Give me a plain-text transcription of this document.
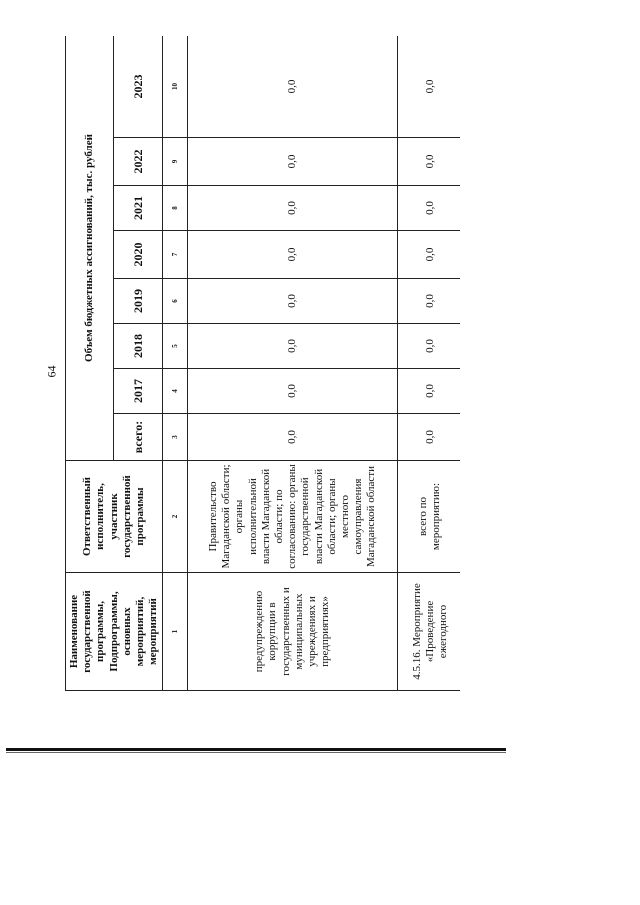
64
Наименование государственной программы, Подпрограммы, основных мероприятий, мероприятий	Ответственный исполнитель, участник государственной программы	Объем бюджетных ассигнований, тыс. рублей							
		всего:	2017	2018	2019	2020	2021	2022	2023
1	2	3	4	5	6	7	8	9	10
предупреждению коррупции в государственных и муниципальных учреждениях и предприятиях»	Правительство Магаданской области; органы исполнительной власти Магаданской области; по согласованию: органы государственной власти Магаданской области; органы местного самоуправления Магаданской области	0,0	0,0	0,0	0,0	0,0	0,0	0,0	0,0
4.5.16. Мероприятие «Проведение ежегодного	всего по мероприятию:	0,0	0,0	0,0	0,0	0,0	0,0	0,0	0,0
